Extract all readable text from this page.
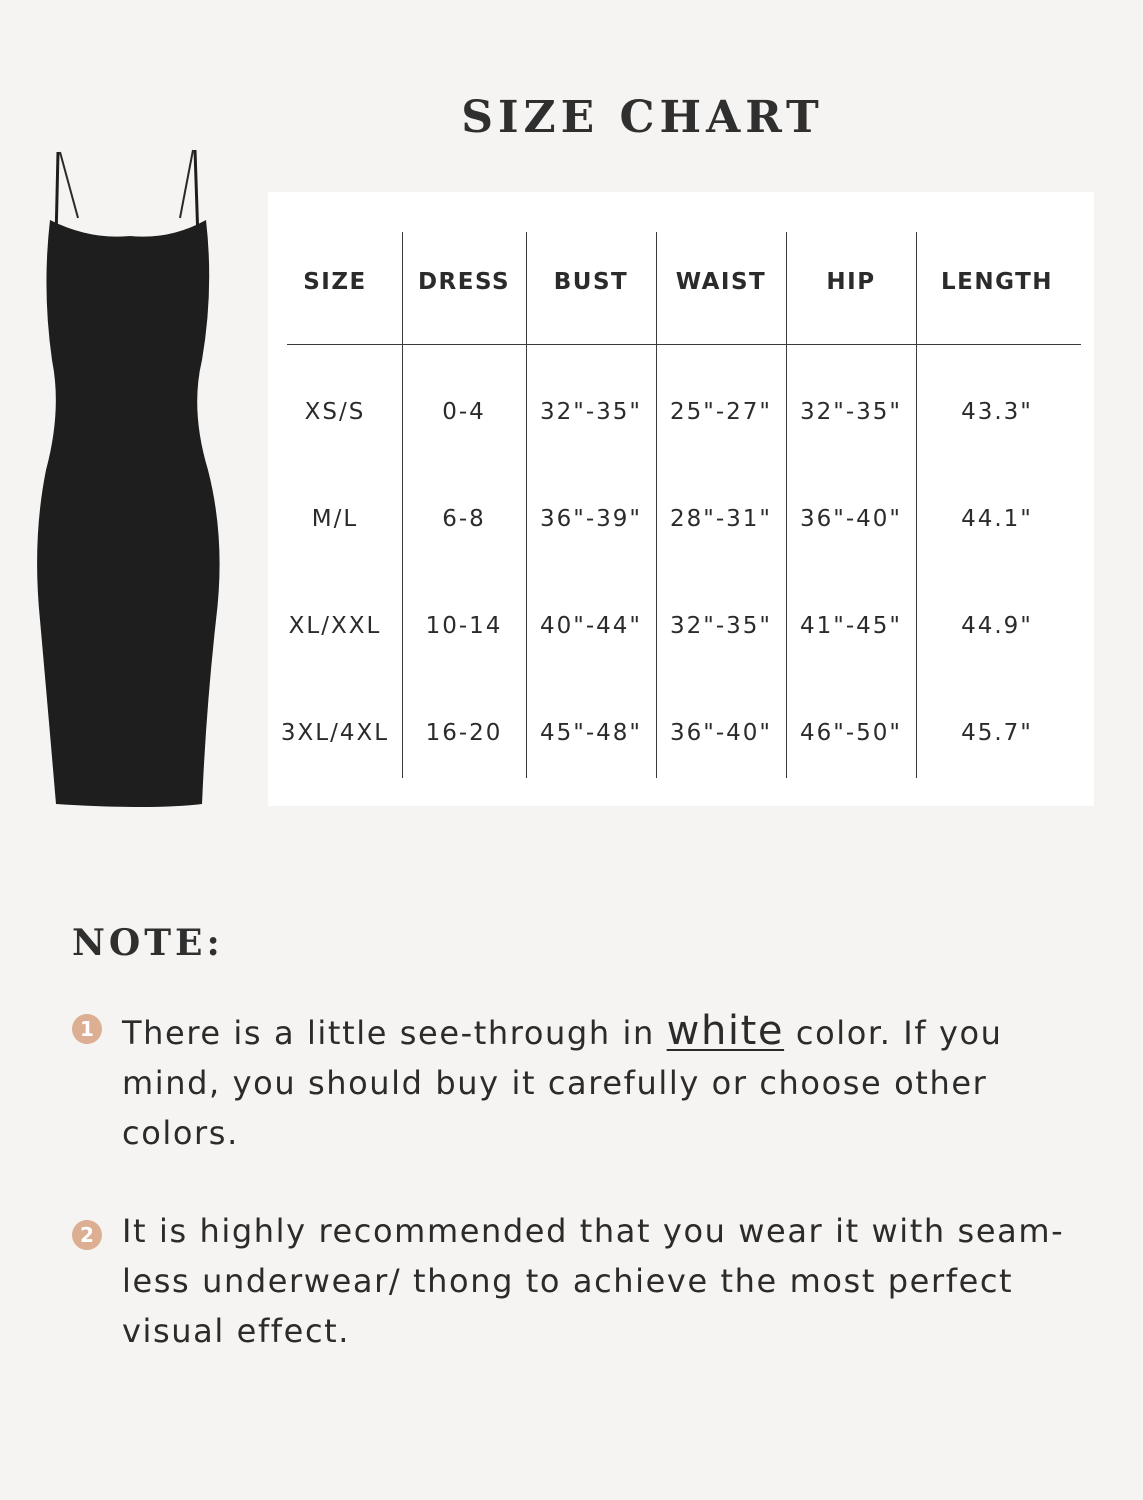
SIZE CHART
SIZE	DRESS	BUST	WAIST	HIP	LENGTH
XS/S	0-4	32"-35"	25"-27"	32"-35"	43.3"
M/L	6-8	36"-39"	28"-31"	36"-40"	44.1"
XL/XXL	10-14	40"-44"	32"-35"	41"-45"	44.9"
3XL/4XL	16-20	45"-48"	36"-40"	46"-50"	45.7"
NOTE:
1 There is a little see-through in white color. If you mind, you should buy it carefully or choose other colors.
2 It is highly recommended that you wear it with seam-less underwear/ thong to achieve the most perfect visual effect.
